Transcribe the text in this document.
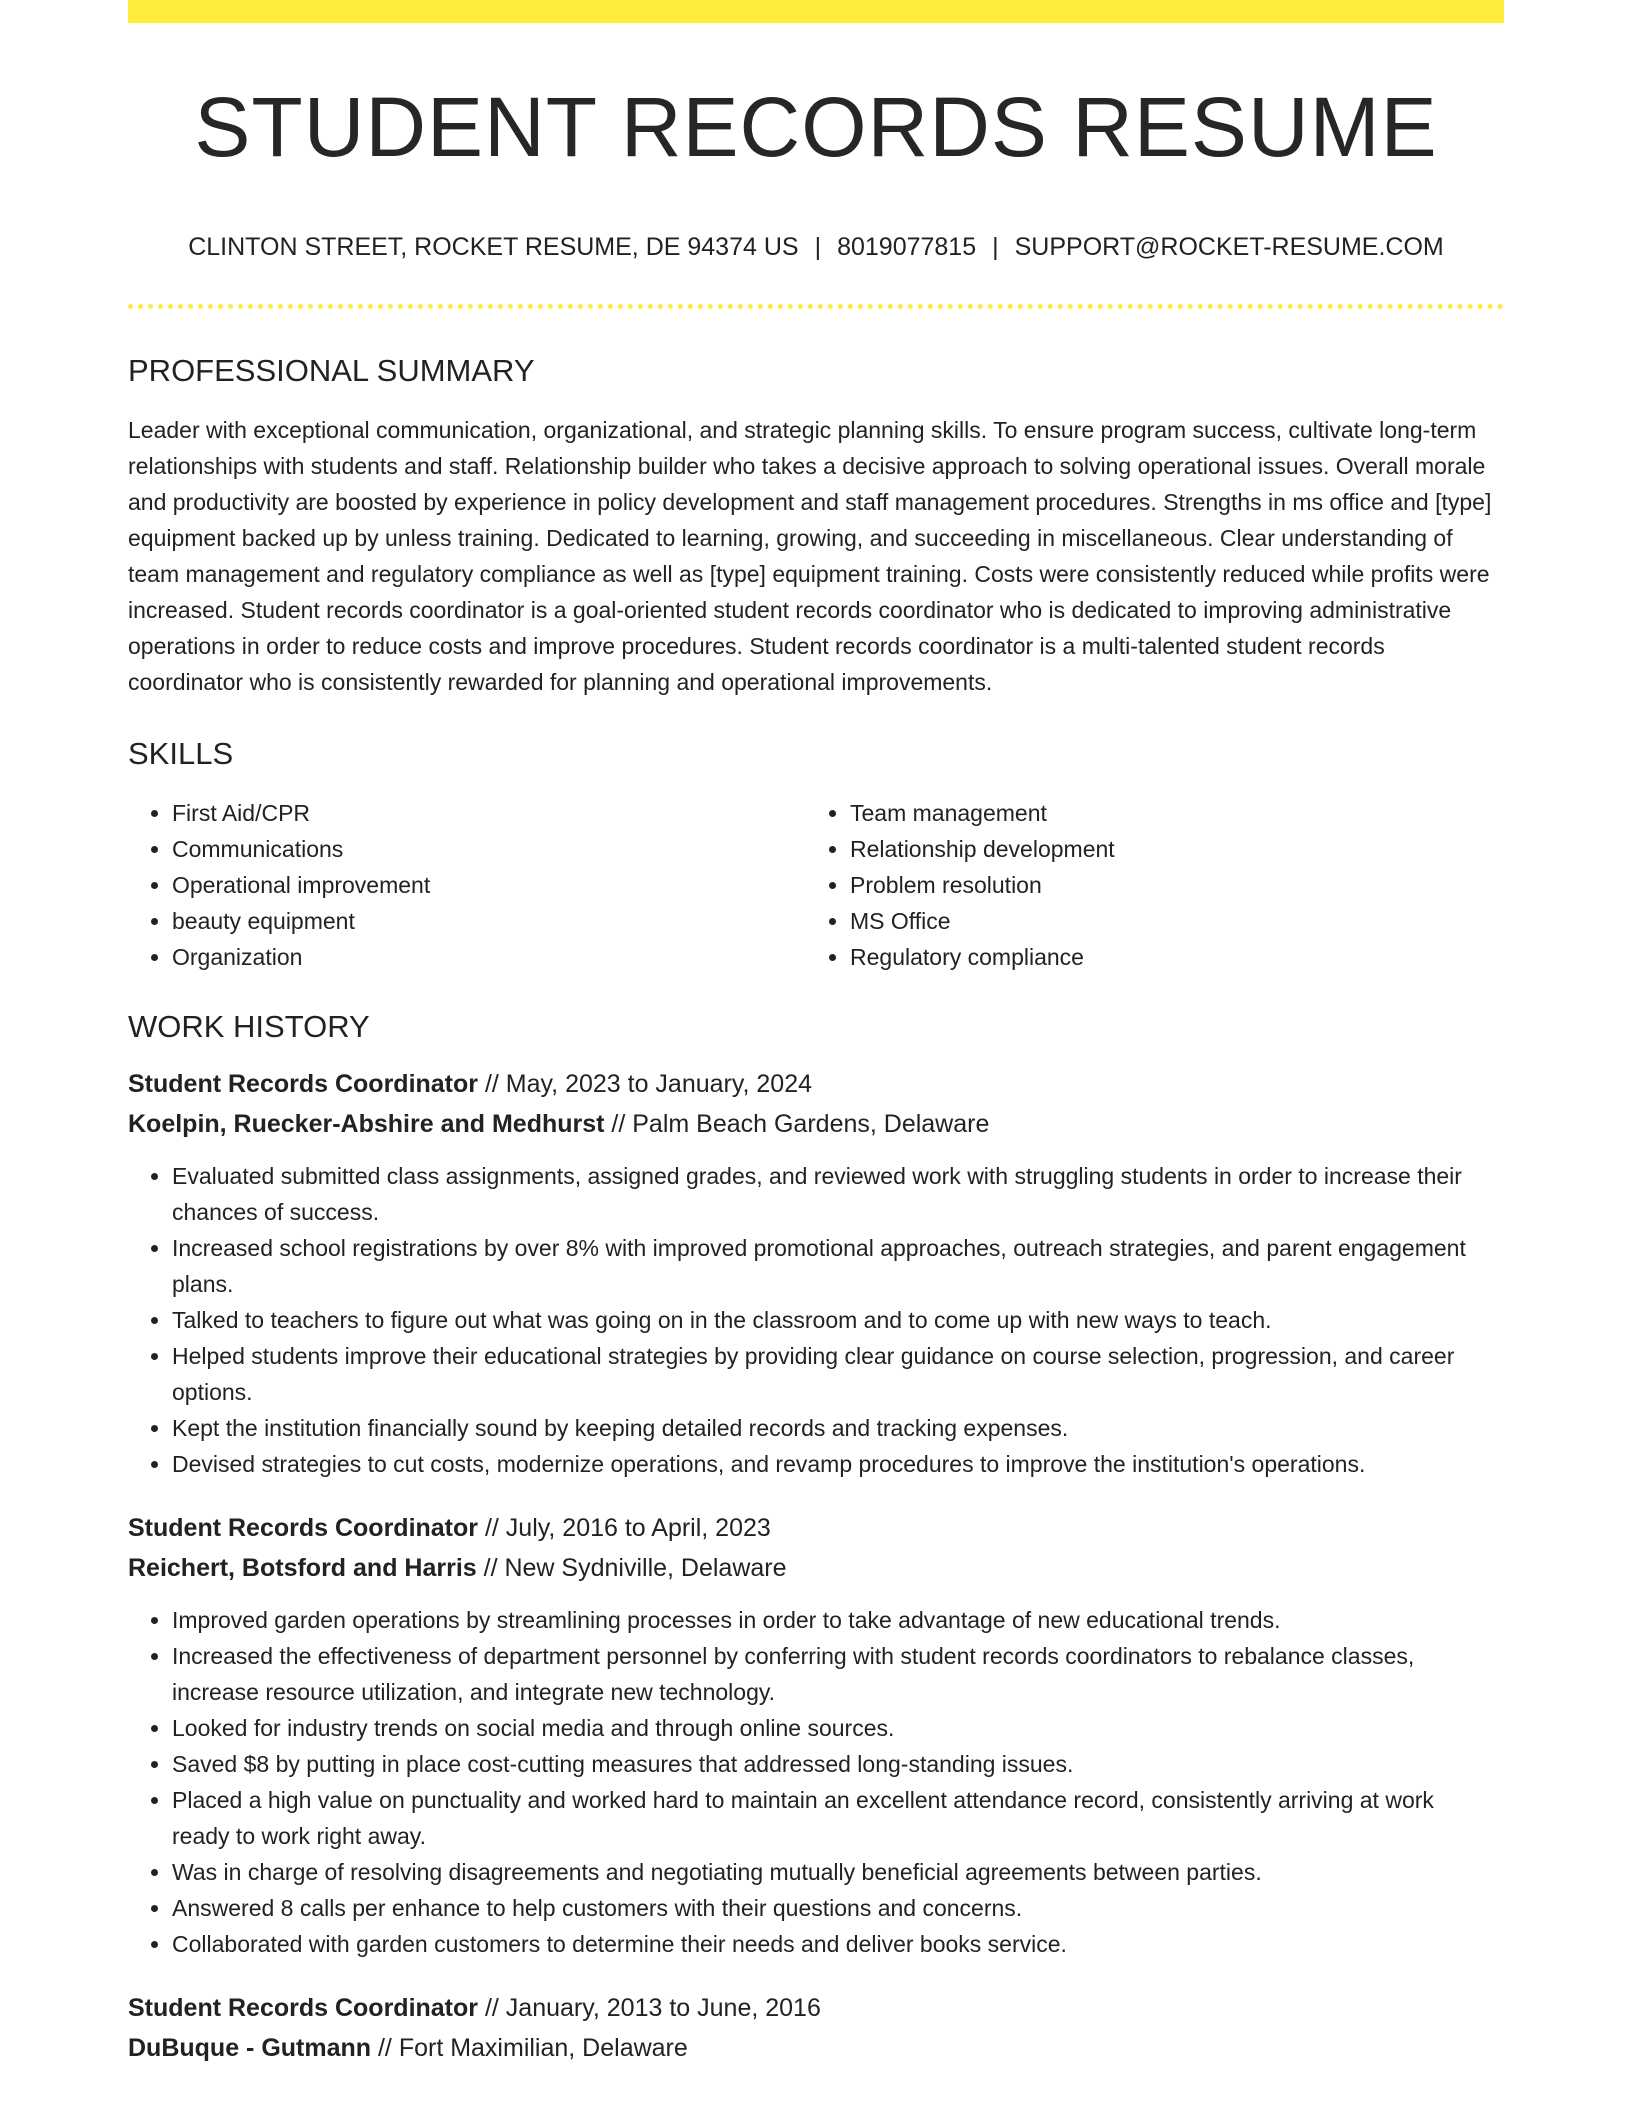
STUDENT RECORDS RESUME
CLINTON STREET, ROCKET RESUME, DE 94374 US | 8019077815 | SUPPORT@ROCKET-RESUME.COM
PROFESSIONAL SUMMARY

Leader with exceptional communication, organizational, and strategic planning skills. To ensure program success, cultivate long-term relationships with students and staff. Relationship builder who takes a decisive approach to solving operational issues. Overall morale and productivity are boosted by experience in policy development and staff management procedures. Strengths in ms office and [type] equipment backed up by unless training. Dedicated to learning, growing, and succeeding in miscellaneous. Clear understanding of team management and regulatory compliance as well as [type] equipment training. Costs were consistently reduced while profits were increased. Student records coordinator is a goal-oriented student records coordinator who is dedicated to improving administrative operations in order to reduce costs and improve procedures. Student records coordinator is a multi-talented student records coordinator who is consistently rewarded for planning and operational improvements.

SKILLS
• First Aid/CPR
• Communications
• Operational improvement
• beauty equipment
• Organization
• Team management
• Relationship development
• Problem resolution
• MS Office
• Regulatory compliance
WORK HISTORY

Student Records Coordinator // May, 2023 to January, 2024

Koelpin, Ruecker-Abshire and Medhurst // Palm Beach Gardens, Delaware

• Evaluated submitted class assignments, assigned grades, and reviewed work with struggling students in order to increase their chances of success.
• Increased school registrations by over 8% with improved promotional approaches, outreach strategies, and parent engagement plans.
• Talked to teachers to figure out what was going on in the classroom and to come up with new ways to teach.
• Helped students improve their educational strategies by providing clear guidance on course selection, progression, and career options.
• Kept the institution financially sound by keeping detailed records and tracking expenses.
• Devised strategies to cut costs, modernize operations, and revamp procedures to improve the institution's operations.

Student Records Coordinator // July, 2016 to April, 2023

Reichert, Botsford and Harris // New Sydniville, Delaware

• Improved garden operations by streamlining processes in order to take advantage of new educational trends.
• Increased the effectiveness of department personnel by conferring with student records coordinators to rebalance classes, increase resource utilization, and integrate new technology.
• Looked for industry trends on social media and through online sources.
• Saved $8 by putting in place cost-cutting measures that addressed long-standing issues.
• Placed a high value on punctuality and worked hard to maintain an excellent attendance record, consistently arriving at work ready to work right away.
• Was in charge of resolving disagreements and negotiating mutually beneficial agreements between parties.
• Answered 8 calls per enhance to help customers with their questions and concerns.
• Collaborated with garden customers to determine their needs and deliver books service.

Student Records Coordinator // January, 2013 to June, 2016

DuBuque - Gutmann // Fort Maximilian, Delaware
